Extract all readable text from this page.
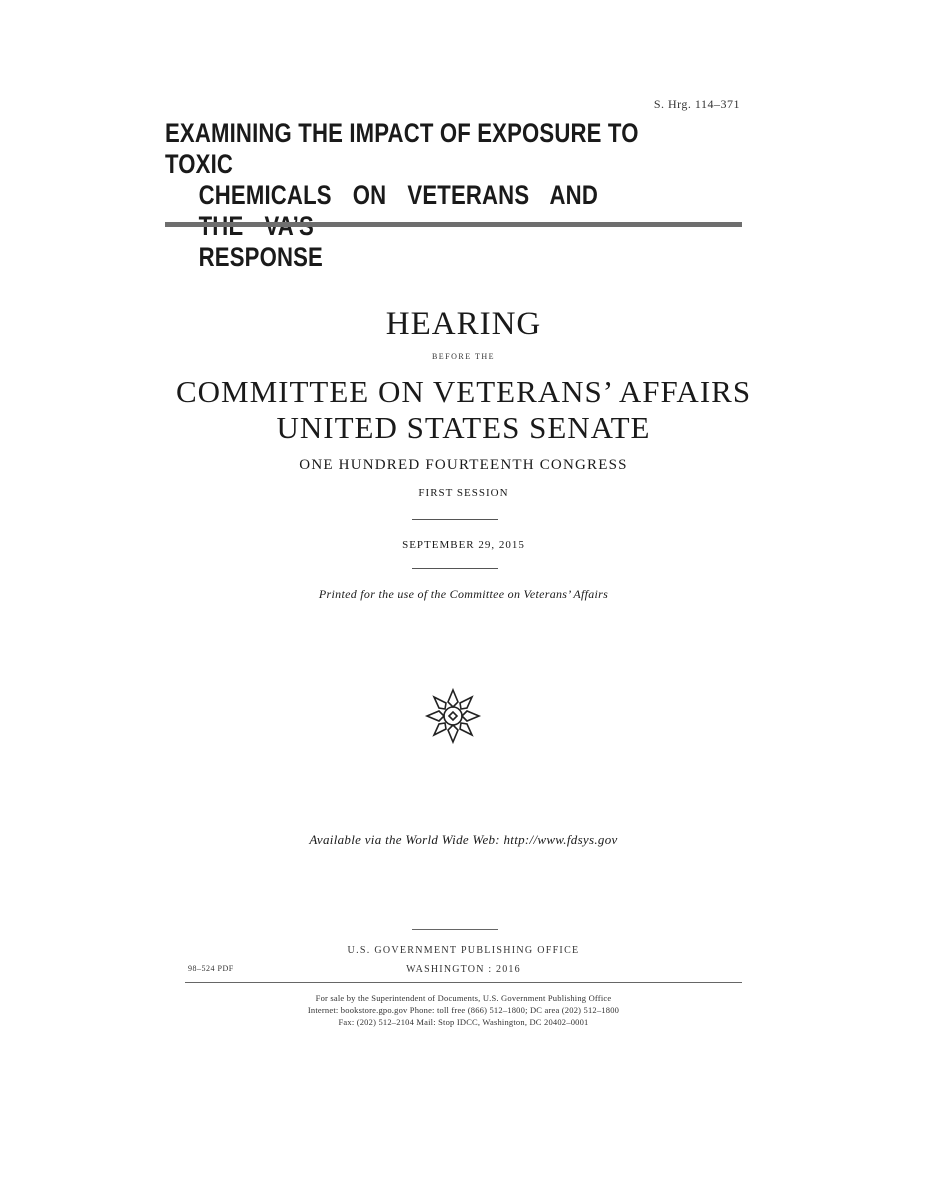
S. Hrg. 114–371
EXAMINING THE IMPACT OF EXPOSURE TO TOXIC
CHEMICALS ON VETERANS AND
RESPONSE
HEARING
BEFORE THE
COMMITTEE ON VETERANS’ AFFAIRS
UNITED STATES SENATE
ONE HUNDRED FOURTEENTH CONGRESS
FIRST SESSION
SEPTEMBER 29, 2015
Printed for the use of the Committee on Veterans’ Affairs
Available via the World Wide Web: http://www.fdsys.gov
U.S. GOVERNMENT PUBLISHING OFFICE
98–524 PDF	WASHINGTON : 2016
For sale by the Superintendent of Documents, U.S. Government Publishing Office
Internet: bookstore.gpo.gov Phone: toll free (866) 512–1800; DC area (202) 512–1800
Fax: (202) 512–2104 Mail: Stop IDCC, Washington, DC 20402–0001
